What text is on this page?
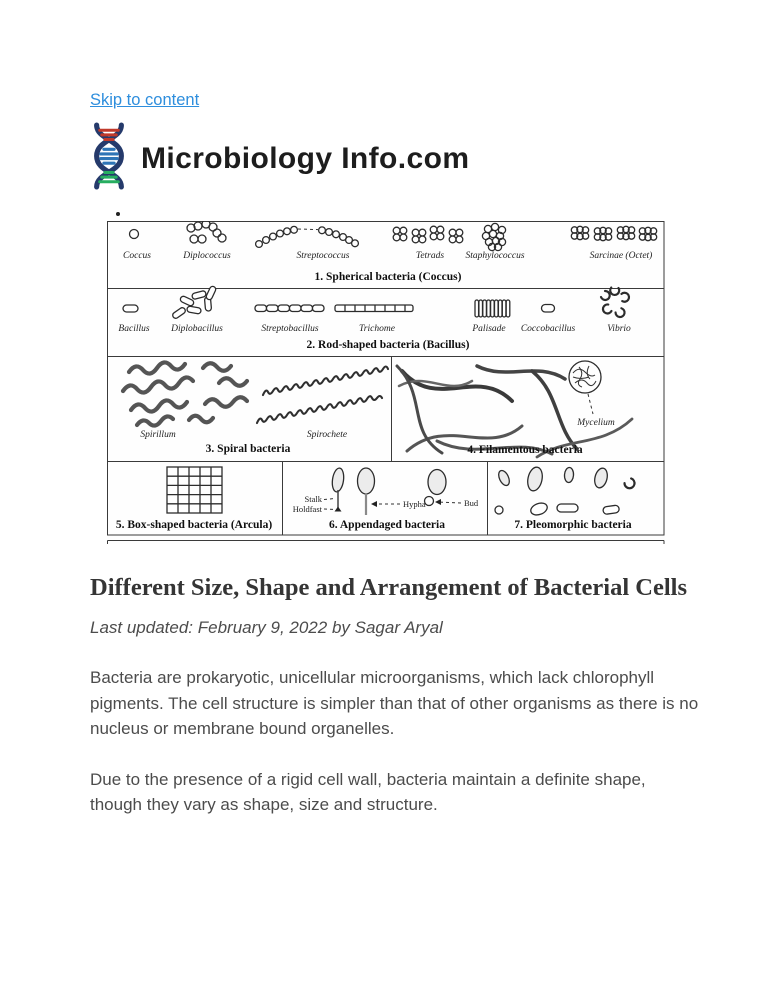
Skip to content
Microbiology Info.com
Coccus	Diplococcus	Streptococcus	Tetrads Staphylococcus	Sarcinae (Octet)
1. Spherical bacteria (Coccus)
Bacillus Diplobacillus	Streptobacillus	Trichome	Palisade Coccobacillus	Vibrio
2. Rod-shaped bacteria (Bacillus)
Spirillum	Spirochete
3. Spiral bacteria
Mycelium
4. Filamentous bacteria
5. Box-shaped bacteria (Arcula)
Stalk
Holdfast	Hypha	Bud
6. Appendaged bacteria	7. Pleomorphic bacteria
Different Size, Shape and Arrangement of Bacterial Cells

Last updated: February 9, 2022 by Sagar Aryal

Bacteria are prokaryotic, unicellular microorganisms, which lack chlorophyll pigments. The cell structure is simpler than that of other organisms as there is no nucleus or membrane bound organelles.

Due to the presence of a rigid cell wall, bacteria maintain a definite shape, though they vary as shape, size and structure.
